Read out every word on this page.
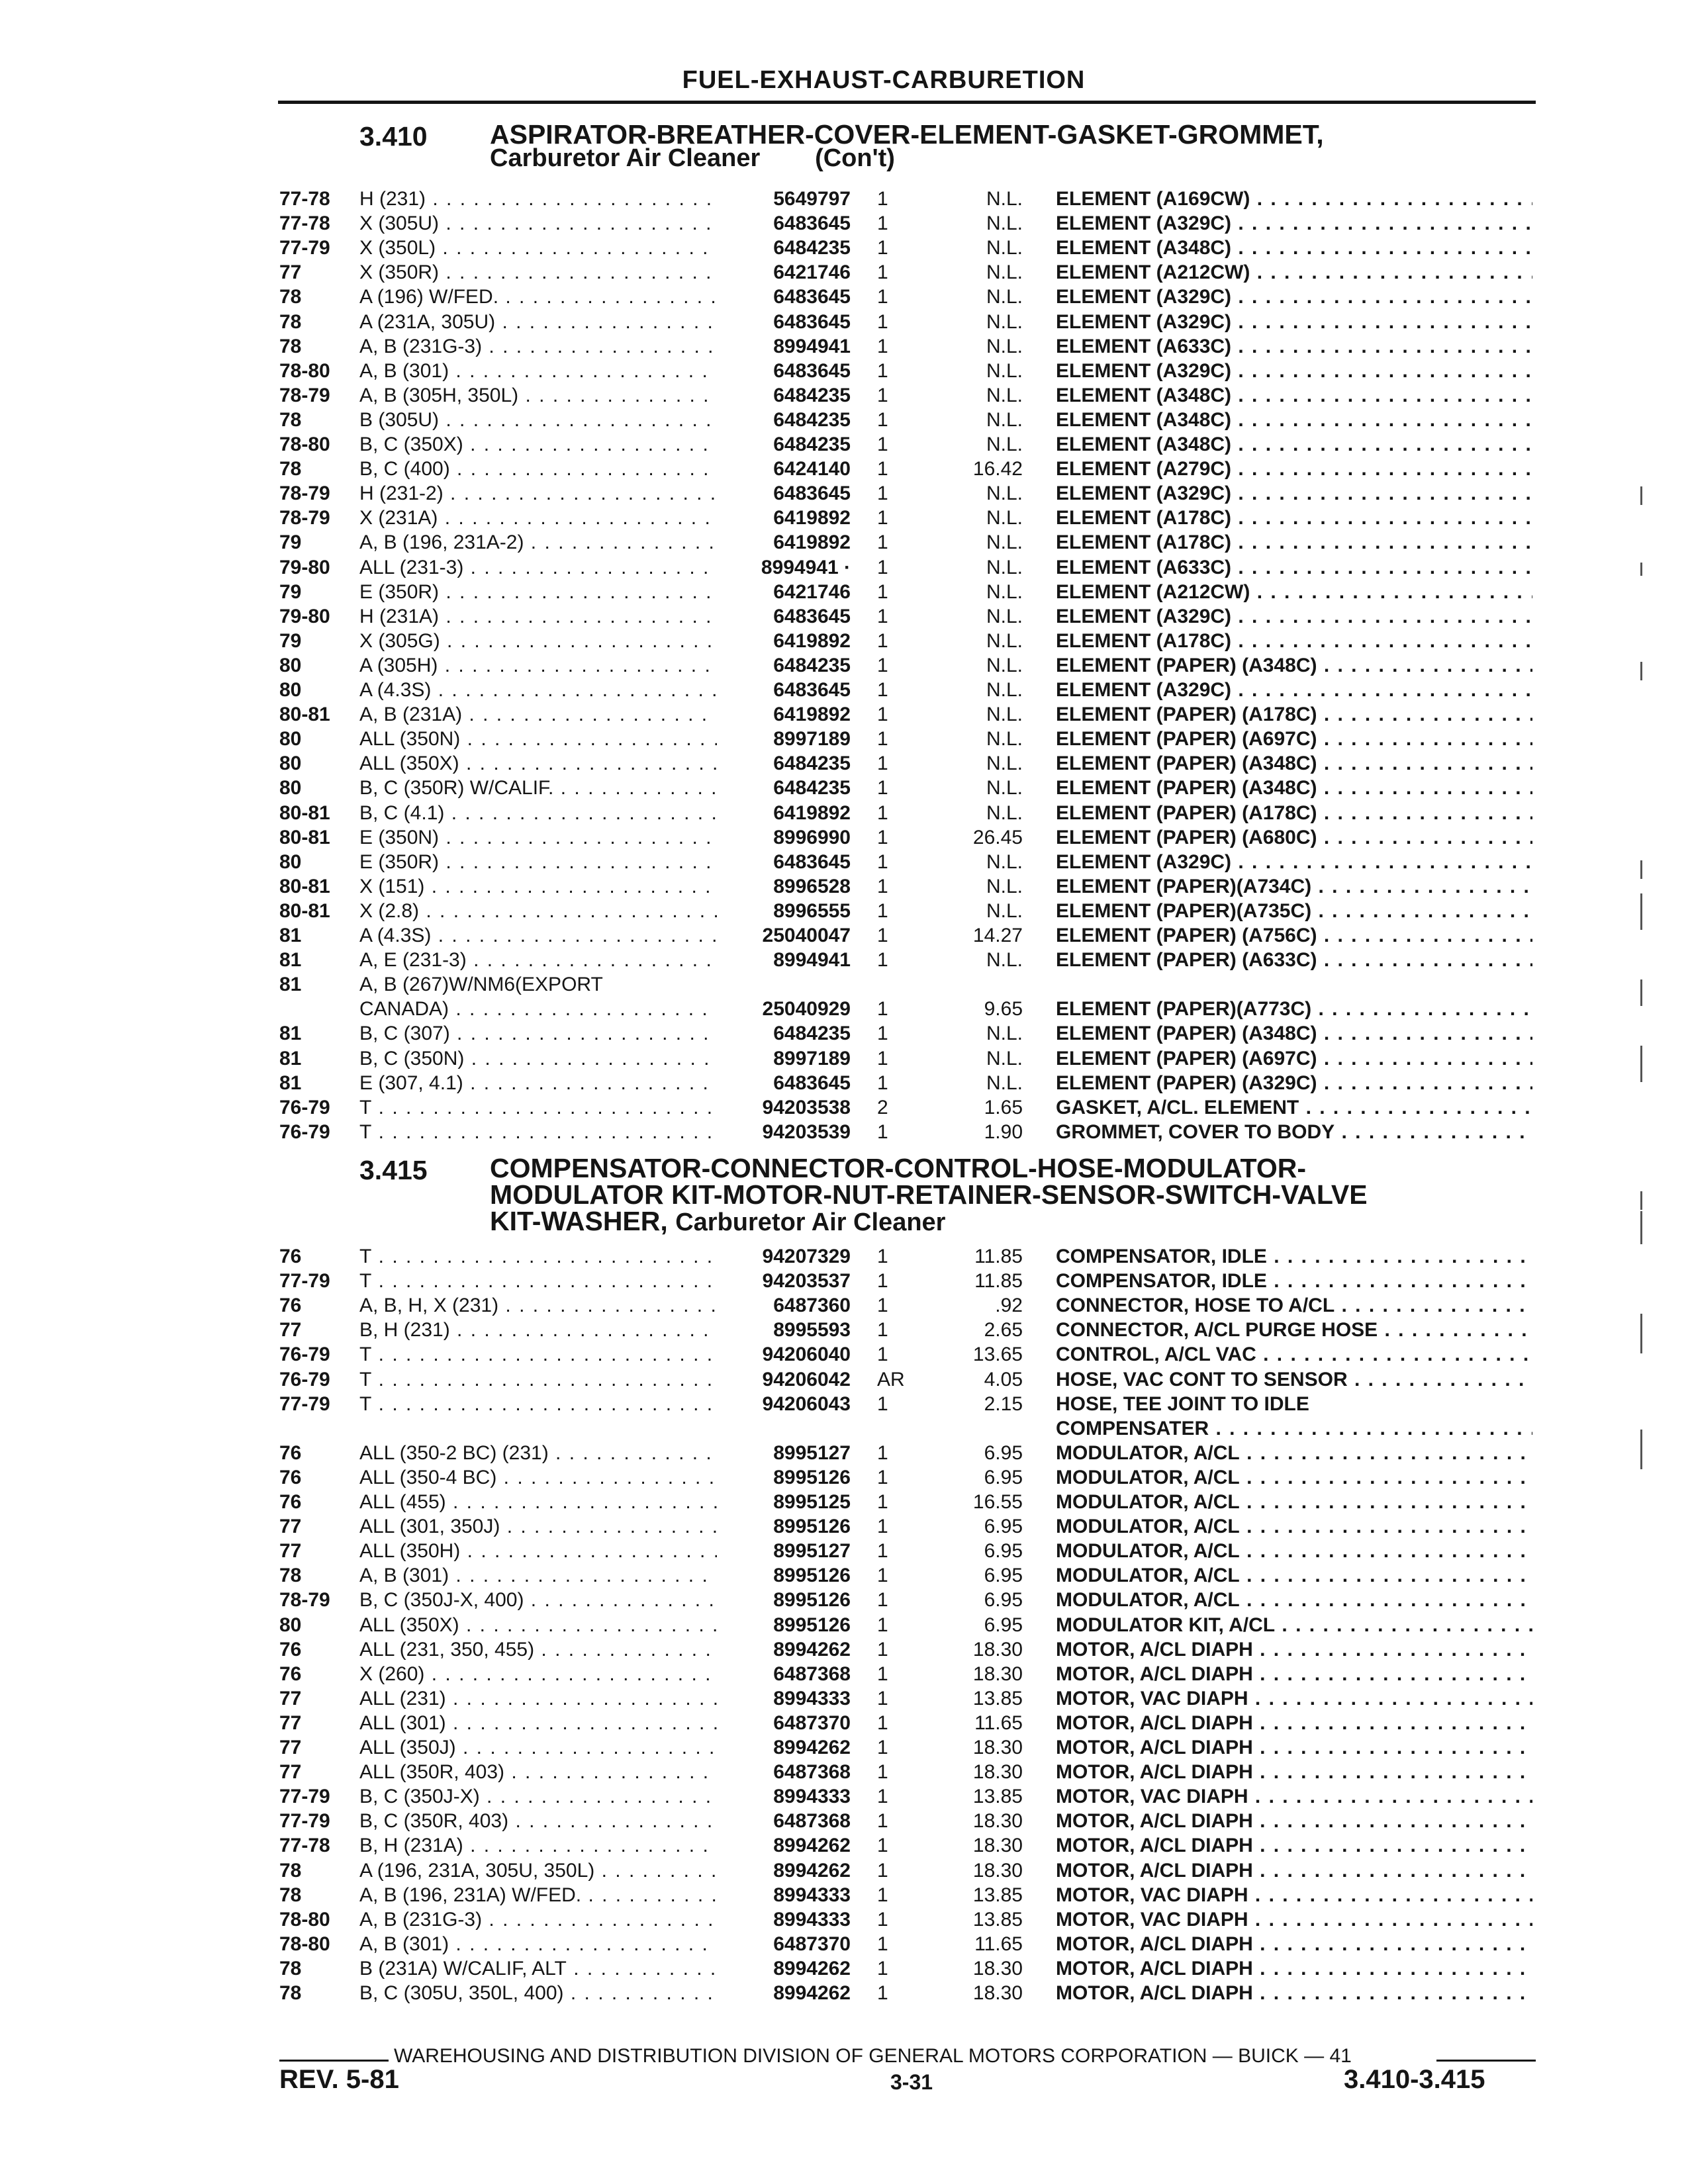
FUEL-EXHAUST-CARBURETION
3.410 ASPIRATOR-BREATHER-COVER-ELEMENT-GASKET-GROMMET,
Carburetor Air Cleaner (Con't)
77-78 H (231) . . .	5649797 1	N.L. ELEMENT (A169CW) . . .
77-78 X (305U) . . .	6483645 1	N.L. ELEMENT (A329C) . . .
77-79 X (350L) . . .	6484235 1	N.L. ELEMENT (A348C) . . .
77	X (350R) . . .	6421746 1	N.L. ELEMENT (A212CW) . . .
78	A (196) W/FED. . . .	6483645 1	N.L. ELEMENT (A329C) . . .
78	A (231A, 305U) . . .	6483645 1	N.L. ELEMENT (A329C) . . .
78	A, B (231G-3) . . .	8994941 1	N.L. ELEMENT (A633C) . . .
78-80 A, B (301) . . .	6483645 1	N.L. ELEMENT (A329C) . . .
78-79 A, B (305H, 350L) . . .	6484235 1	N.L. ELEMENT (A348C) . . .
78	B (305U) . . .	6484235 1	N.L. ELEMENT (A348C) . . .
78-80 B, C (350X) . . .	6484235 1	N.L. ELEMENT (A348C) . . .
78	B, C (400) . . .	6424140 1	16.42 ELEMENT (A279C) . . .
78-79 H (231-2) . . .	6483645 1	N.L. ELEMENT (A329C) . . .
78-79 X (231A) . . .	6419892 1	N.L. ELEMENT (A178C) . . .
79	A, B (196, 231A-2) . . .	6419892 1	N.L. ELEMENT (A178C) . . .
79-80 ALL (231-3) . . .	8994941 · 1	N.L. ELEMENT (A633C) . . .
79	E (350R) . . .	6421746 1	N.L. ELEMENT (A212CW) . . .
79-80 H (231A) . . .	6483645 1	N.L. ELEMENT (A329C) . . .
79	X (305G) . . .	6419892 1	N.L. ELEMENT (A178C) . . .
80	A (305H) . . .	6484235 1	N.L. ELEMENT (PAPER) (A348C) . . .
80	A (4.3S) . . .	6483645 1	N.L. ELEMENT (A329C) . . .
80-81 A, B (231A) . . .	6419892 1	N.L. ELEMENT (PAPER) (A178C) . . .
80	ALL (350N) . . .	8997189 1	N.L. ELEMENT (PAPER) (A697C) . . .
80	ALL (350X) . . .	6484235 1	N.L. ELEMENT (PAPER) (A348C) . . .
80	B, C (350R) W/CALIF. . . .	6484235 1	N.L. ELEMENT (PAPER) (A348C) . . .
80-81 B, C (4.1) . . .	6419892 1	N.L. ELEMENT (PAPER) (A178C) . . .
80-81 E (350N) . . .	8996990 1	26.45 ELEMENT (PAPER) (A680C) . . .
80	E (350R) . . .	6483645 1	N.L. ELEMENT (A329C) . . .
80-81 X (151) . . .	8996528 1	N.L. ELEMENT (PAPER)(A734C) . . .
80-81 X (2.8) . . .	8996555 1	N.L. ELEMENT (PAPER)(A735C) . . .
81	A (4.3S) . . .	25040047 1	14.27 ELEMENT (PAPER) (A756C) . . .
81	A, E (231-3) . . .	8994941 1	N.L. ELEMENT (PAPER) (A633C) . . .
81	A, B (267)W/NM6(EXPORT
CANADA) . . .	25040929 1	9.65 ELEMENT (PAPER)(A773C) . . .
81	B, C (307) . . .	6484235 1	N.L. ELEMENT (PAPER) (A348C) . . .
81	B, C (350N) . . .	8997189 1	N.L. ELEMENT (PAPER) (A697C) . . .
81	E (307, 4.1) . . .	6483645 1	N.L. ELEMENT (PAPER) (A329C) . . .
76-79 T . . .	94203538 2	1.65 GASKET, A/CL. ELEMENT . . .
76-79 T . . .	94203539 1	1.90 GROMMET, COVER TO BODY . . .
3.415 COMPENSATOR-CONNECTOR-CONTROL-HOSE-MODULATOR-
MODULATOR KIT-MOTOR-NUT-RETAINER-SENSOR-SWITCH-VALVE
KIT-WASHER, Carburetor Air Cleaner
76	T . . .	94207329 1	11.85 COMPENSATOR, IDLE . . .
77-79 T . . .	94203537 1	11.85 COMPENSATOR, IDLE . . .
76	A, B, H, X (231) . . .	6487360 1	.92 CONNECTOR, HOSE TO A/CL . . .
77	B, H (231) . . .	8995593 1	2.65 CONNECTOR, A/CL PURGE HOSE . . .
76-79 T . . .	94206040 1	13.65 CONTROL, A/CL VAC . . .
76-79 T . . .	94206042 AR	4.05 HOSE, VAC CONT TO SENSOR . . .
77-79 T . . .	94206043 1	2.15 HOSE, TEE JOINT TO IDLE
COMPENSATER . . .
76	ALL (350-2 BC) (231) . . .	8995127 1	6.95 MODULATOR, A/CL . . .
76	ALL (350-4 BC) . . .	8995126 1	6.95 MODULATOR, A/CL . . .
76	ALL (455) . . .	8995125 1	16.55 MODULATOR, A/CL . . .
77	ALL (301, 350J) . . .	8995126 1	6.95 MODULATOR, A/CL . . .
77	ALL (350H) . . .	8995127 1	6.95 MODULATOR, A/CL . . .
78	A, B (301) . . .	8995126 1	6.95 MODULATOR, A/CL . . .
78-79 B, C (350J-X, 400) . . .	8995126 1	6.95 MODULATOR, A/CL . . .
80	ALL (350X) . . .	8995126 1	6.95 MODULATOR KIT, A/CL . . .
76	ALL (231, 350, 455) . . .	8994262 1	18.30 MOTOR, A/CL DIAPH . . .
76	X (260) . . .	6487368 1	18.30 MOTOR, A/CL DIAPH . . .
77	ALL (231) . . .	8994333 1	13.85 MOTOR, VAC DIAPH . . .
77	ALL (301) . . .	6487370 1	11.65 MOTOR, A/CL DIAPH . . .
77	ALL (350J) . . .	8994262 1	18.30 MOTOR, A/CL DIAPH . . .
77	ALL (350R, 403) . . .	6487368 1	18.30 MOTOR, A/CL DIAPH . . .
77-79 B, C (350J-X) . . .	8994333 1	13.85 MOTOR, VAC DIAPH . . .
77-79 B, C (350R, 403) . . .	6487368 1	18.30 MOTOR, A/CL DIAPH . . .
77-78 B, H (231A) . . .	8994262 1	18.30 MOTOR, A/CL DIAPH . . .
78	A (196, 231A, 305U, 350L) . . .	8994262 1	18.30 MOTOR, A/CL DIAPH . . .
78	A, B (196, 231A) W/FED. . . .	8994333 1	13.85 MOTOR, VAC DIAPH . . .
78-80 A, B (231G-3) . . .	8994333 1	13.85 MOTOR, VAC DIAPH . . .
78-80 A, B (301) . . .	6487370 1	11.65 MOTOR, A/CL DIAPH . . .
78	B (231A) W/CALIF, ALT . . .	8994262 1	18.30 MOTOR, A/CL DIAPH . . .
78	B, C (305U, 350L, 400) . . .	8994262 1	18.30 MOTOR, A/CL DIAPH . . .
WAREHOUSING AND DISTRIBUTION DIVISION OF GENERAL MOTORS CORPORATION — BUICK — 41
REV. 5-81	3-31	3.410-3.415
